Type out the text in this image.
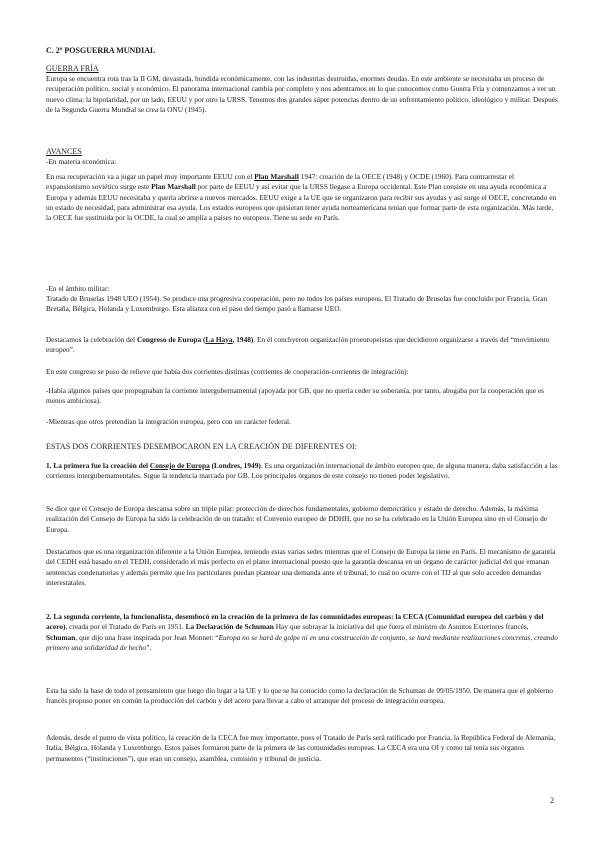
C. 2º POSGUERRA MUNDIAL

GUERRA FRÍA

Europa se encuentra rota tras la II GM, devastada, hundida económicamente, con las industrias destruidas, enormes deudas. En este ambiente se necesitaba un proceso de recuperación político, social y económico. El panorama internacional cambia por completo y nos adentramos en lo que conocemos como Guerra Fría y comenzamos a ver un nuevo clima: la bipolaridad, por un lado, EEUU y por otro la URSS. Tenemos dos grandes súper potencias dentro de un enfrentamiento político, ideológico y militar. Después de la Segunda Guerra Mundial se crea la ONU (1945).

AVANCES

-En materia económica:

En esa recuperación va a jugar un papel muy importante EEUU con el Plan Marshall 1947: creación de la OECE (1948) y OCDE (1960). Para contrarrestar el expansionismo soviético surge este Plan Marshall por parte de EEUU y así evitar que la URSS llegase a Europa occidental. Este Plan consiste en una ayuda económica a Europa y además EEUU necesitaba y quería abrirse a nuevos mercados. EEUU exige a la UE que se organizaron para recibir sus ayudas y así surge el OECE, concretando en un estado de necesidad, para administrar esa ayuda. Los estados europeos que quisieran tener ayuda norteamericana tenían que formar parte de esta organización. Más tarde, la OECE fue sustituida por la OCDE, la cual se amplía a países no europeos. Tiene su sede en París.

-En el ámbito militar:

Tratado de Bruselas 1948 UEO (1954). Se produce una progresiva cooperación, pero no todos los países europeos. El Tratado de Bruselas fue concluido por Francia, Gran Bretaña, Bélgica, Holanda y Luxemburgo. Esta alianza con el paso del tiempo pasó a llamarse UEO.

Destacamos la celebración del Congreso de Europa (La Haya, 1948). En él conchyeron organización proeuropeistas que decidieron organizarse a través del “movimiento europeo”.

En este congreso se puso de relieve que había dos corrientes distintas (corrientes de cooperación-corrientes de integración):

-Había algunos países que propugnaban la corriente intergubernamental (apoyada por GB, que no quería ceder su soberanía, por tanto, abogaba por la cooperación que es menos ambiciosa).

-Mientras que otros pretendían la integración europea, pero con un carácter federal.

ESTAS DOS CORRIENTES DESEMBOCARON EN LA CREACIÓN DE DIFERENTES OI:

1. La primera fue la creación del Consejo de Europa (Londres, 1949). Es una organización internacional de ámbito europeo que, de alguna manera, daba satisfacción a las corrientes intergubernamentales. Sigue la tendencia marcada por GB. Los principales órganos de este consejo no tienen poder legislativo.

Se dice que el Consejo de Europa descansa sobre un triple pilar: protección de derechos fundamentales, gobierno democrático y estado de derecho. Además, la máxima realización del Consejo de Europa ha sido la celebración de un tratado: el Convenio europeo de DDHH, que no se ha celebrado en la Unión Europea sino en el Consejo de Europa.

Destacamos que es una organización diferente a la Unión Europea, teniendo estas varias sedes mientras que el Consejo de Europa la tiene en París. El mecanismo de garantía del CEDH está basado en el TEDH, considerado el más perfecto en el plano internacional puesto que la garantía descansa en un órgano de carácter judicial del que emanan sentencias condenatorias y además permite que los particulares puedan plantear una demanda ante el tribunal, lo cual no ocurre con el TIJ al que solo acceden demandas interestatales.

2. La segunda corriente, la funcionalista, desembocó en la creación de la primera de las comunidades europeas: la CECA (Comunidad europea del carbón y del acero), creada por el Tratado de París en 1951. La Declaración de Schuman Hay que subrayar la iniciativa del que fuera el ministro de Asuntos Exteriores francés, Schuman, que dijo una frase inspirada por Jean Monnet: “Europa no se hará de golpe ni en una construcción de conjunto, se hará mediante realizaciones concretas, creando primero una solidaridad de hecho”.

Esta ha sido la base de todo el pensamiento que luego dio lugar a la UE y lo que se ha conocido como la declaración de Schuman de 09/05/1950. De manera que el gobierno francés propuso poner en común la producción del carbón y del acero para llevar a cabo el arranque del proceso de integración europea.

Además, desde el punto de vista político, la creación de la CECA fue muy importante, pues el Tratado de París será ratificado por Francia, la República Federal de Alemania, Italia, Bélgica, Holanda y Luxemburgo. Estos países formaron parte de la primera de las comunidades europeas. La CECA era una OI y como tal tenía sus órganos permanentes (“instituciones”), que eran un consejo, asamblea, comisión y tribunal de justicia.

2
